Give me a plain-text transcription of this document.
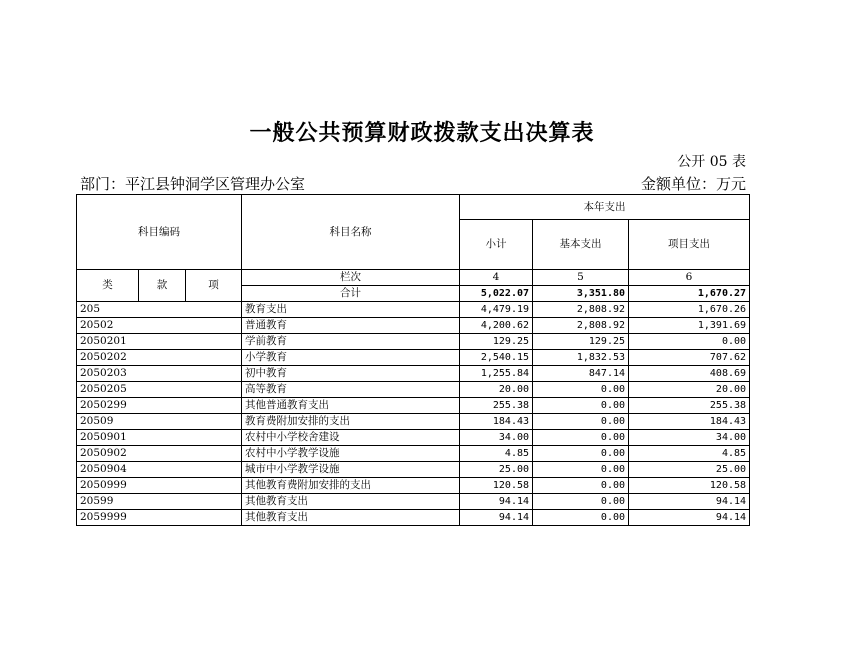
一般公共预算财政拨款支出决算表
公开 05 表
部门：平江县钟洞学区管理办公室	金额单位：万元
科目编码			科目名称	本年支出		
				小计	基本支出	项目支出
类	款	项	栏次	4	5	6
			合计	5,022.07	3,351.80	1,670.27
205			教育支出	4,479.19	2,808.92	1,670.26
20502			普通教育	4,200.62	2,808.92	1,391.69
2050201			学前教育	129.25	129.25	0.00
2050202			小学教育	2,540.15	1,832.53	707.62
2050203			初中教育	1,255.84	847.14	408.69
2050205			高等教育	20.00	0.00	20.00
2050299			其他普通教育支出	255.38	0.00	255.38
20509			教育费附加安排的支出	184.43	0.00	184.43
2050901			农村中小学校舍建设	34.00	0.00	34.00
2050902			农村中小学教学设施	4.85	0.00	4.85
2050904			城市中小学教学设施	25.00	0.00	25.00
2050999			其他教育费附加安排的支出	120.58	0.00	120.58
20599			其他教育支出	94.14	0.00	94.14
2059999			其他教育支出	94.14	0.00	94.14
